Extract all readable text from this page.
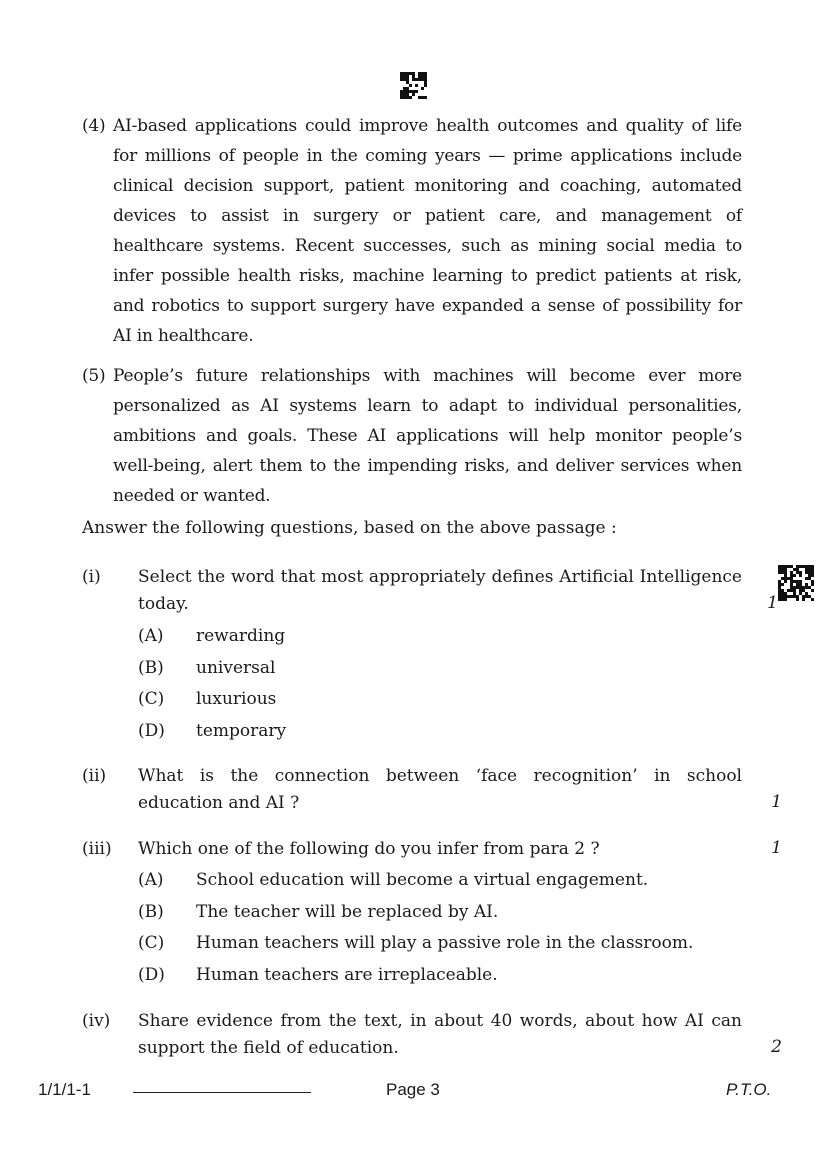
(4) AI-based applications could improve health outcomes and quality of life for millions of people in the coming years — prime applications include clinical decision support, patient monitoring and coaching, automated devices to assist in surgery or patient care, and management of healthcare systems. Recent successes, such as mining social media to infer possible health risks, machine learning to predict patients at risk, and robotics to support surgery have expanded a sense of possibility for AI in healthcare.
(5) People’s future relationships with machines will become ever more personalized as AI systems learn to adapt to individual personalities, ambitions and goals. These AI applications will help monitor people’s well-being, alert them to the impending risks, and deliver services when needed or wanted.
Answer the following questions, based on the above passage :
(i) Select the word that most appropriately defines Artificial Intelligence today.	1
(A) rewarding
(B) universal
(C) luxurious
(D) temporary
(ii) What is the connection between ‘face recognition’ in school education and AI ?	1
(iii) Which one of the following do you infer from para 2 ?	1
(A) School education will become a virtual engagement.
(B) The teacher will be replaced by AI.
(C) Human teachers will play a passive role in the classroom.
(D) Human teachers are irreplaceable.
(iv) Share evidence from the text, in about 40 words, about how AI can support the field of education.	2
1/1/1-1	Page 3	P.T.O.
